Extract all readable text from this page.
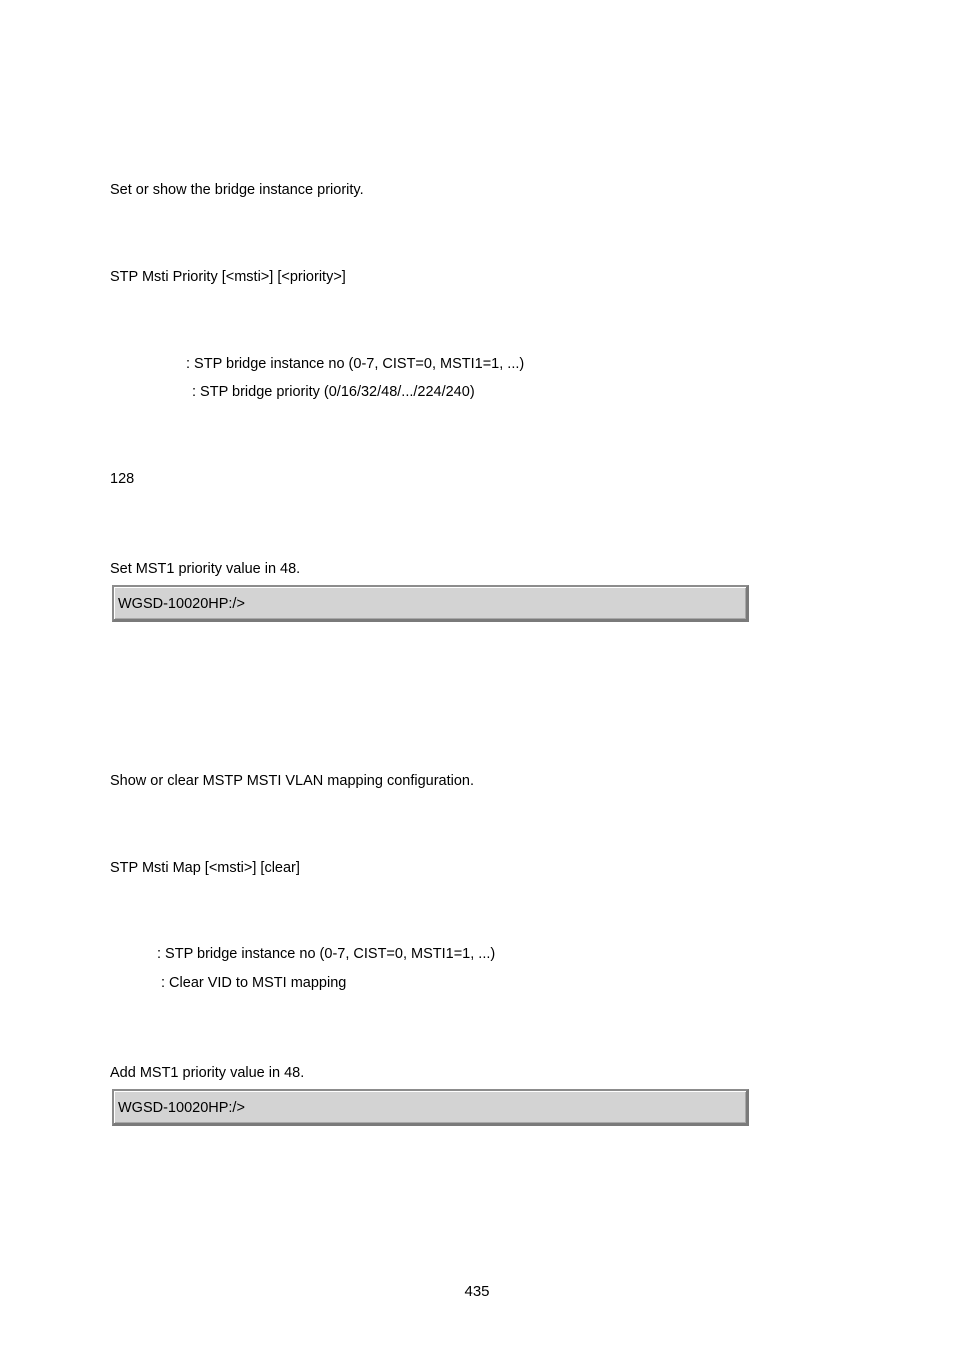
Set or show the bridge instance priority.
STP Msti Priority [<msti>] [<priority>]
: STP bridge instance no (0-7, CIST=0, MSTI1=1, ...)
: STP bridge priority (0/16/32/48/.../224/240)
128
Set MST1 priority value in 48.
WGSD-10020HP:/>
Show or clear MSTP MSTI VLAN mapping configuration.
STP Msti Map [<msti>] [clear]
: STP bridge instance no (0-7, CIST=0, MSTI1=1, ...)
: Clear VID to MSTI mapping
Add MST1 priority value in 48.
WGSD-10020HP:/>
435
